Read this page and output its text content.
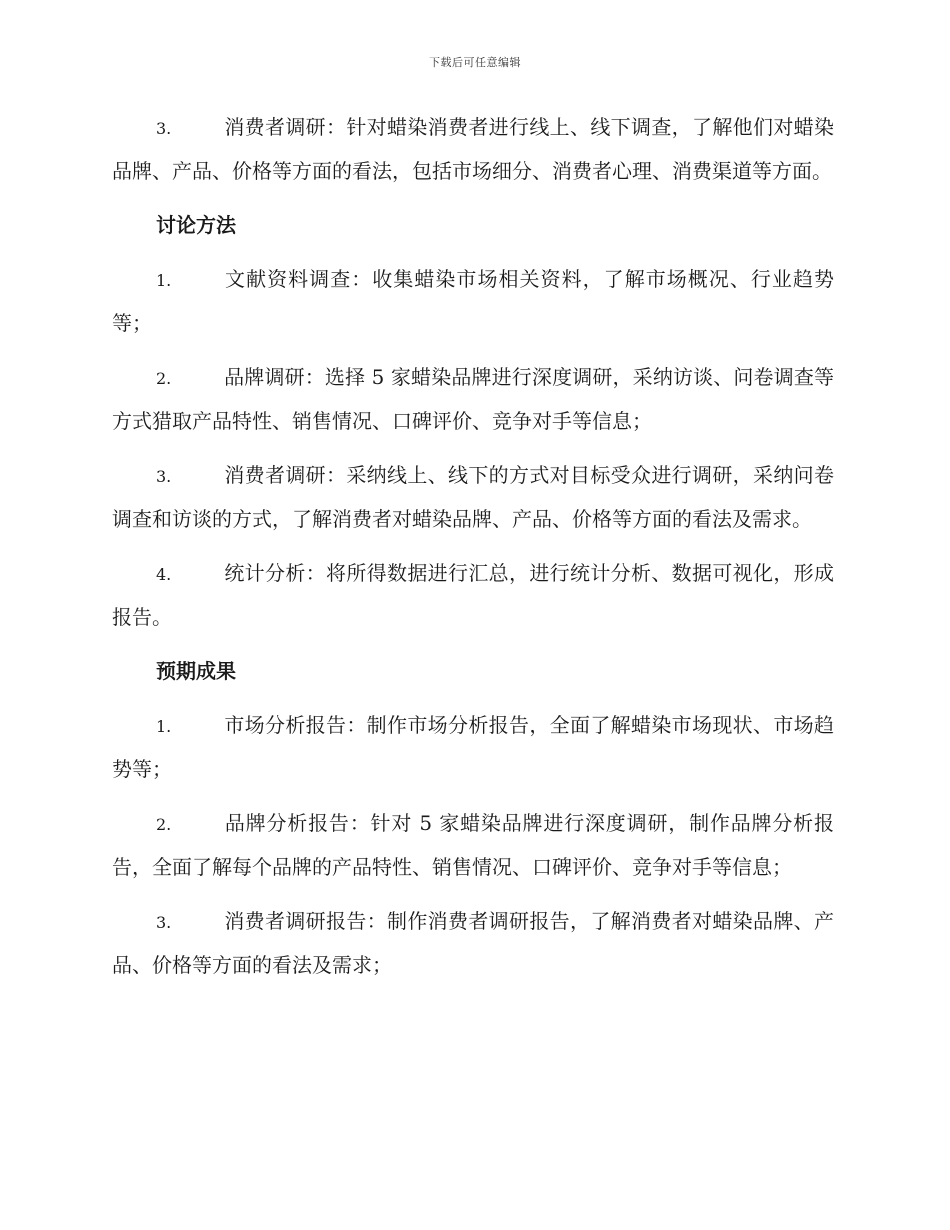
下载后可任意编辑

3.	消费者调研：针对蜡染消费者进行线上、线下调查，了解他们对蜡染品牌、产品、价格等方面的看法，包括市场细分、消费者心理、消费渠道等方面。

讨论方法

1.	文献资料调查：收集蜡染市场相关资料，了解市场概况、行业趋势等；

2.	品牌调研：选择 5 家蜡染品牌进行深度调研，采纳访谈、问卷调查等方式猎取产品特性、销售情况、口碑评价、竞争对手等信息；

3.	消费者调研：采纳线上、线下的方式对目标受众进行调研，采纳问卷调查和访谈的方式，了解消费者对蜡染品牌、产品、价格等方面的看法及需求。

4.	统计分析：将所得数据进行汇总，进行统计分析、数据可视化，形成报告。

预期成果

1.	市场分析报告：制作市场分析报告，全面了解蜡染市场现状、市场趋势等；

2.	品牌分析报告：针对 5 家蜡染品牌进行深度调研，制作品牌分析报告，全面了解每个品牌的产品特性、销售情况、口碑评价、竞争对手等信息；

3.	消费者调研报告：制作消费者调研报告，了解消费者对蜡染品牌、产品、价格等方面的看法及需求；
